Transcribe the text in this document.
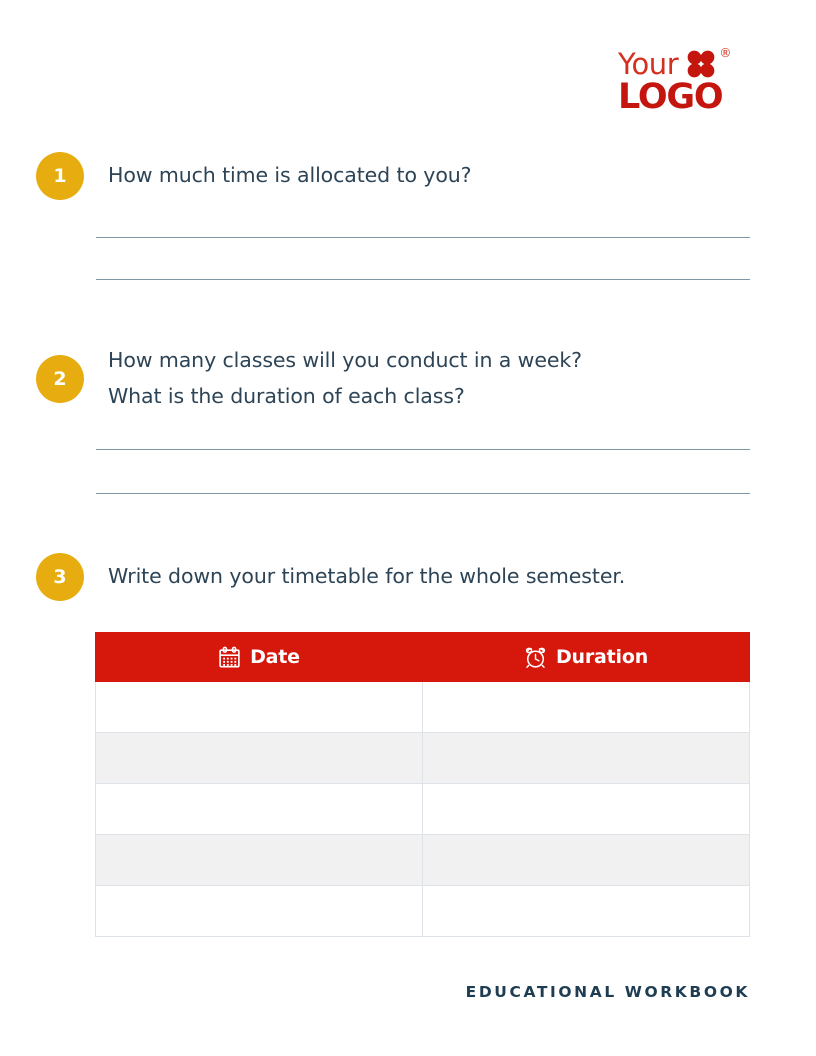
Your	®
LOGO
1	How much time is allocated to you?
2
How many classes will you conduct in a week?
What is the duration of each class?
3	Write down your timetable for the whole semester.
Date	Duration

EDUCATIONAL WORKBOOK
